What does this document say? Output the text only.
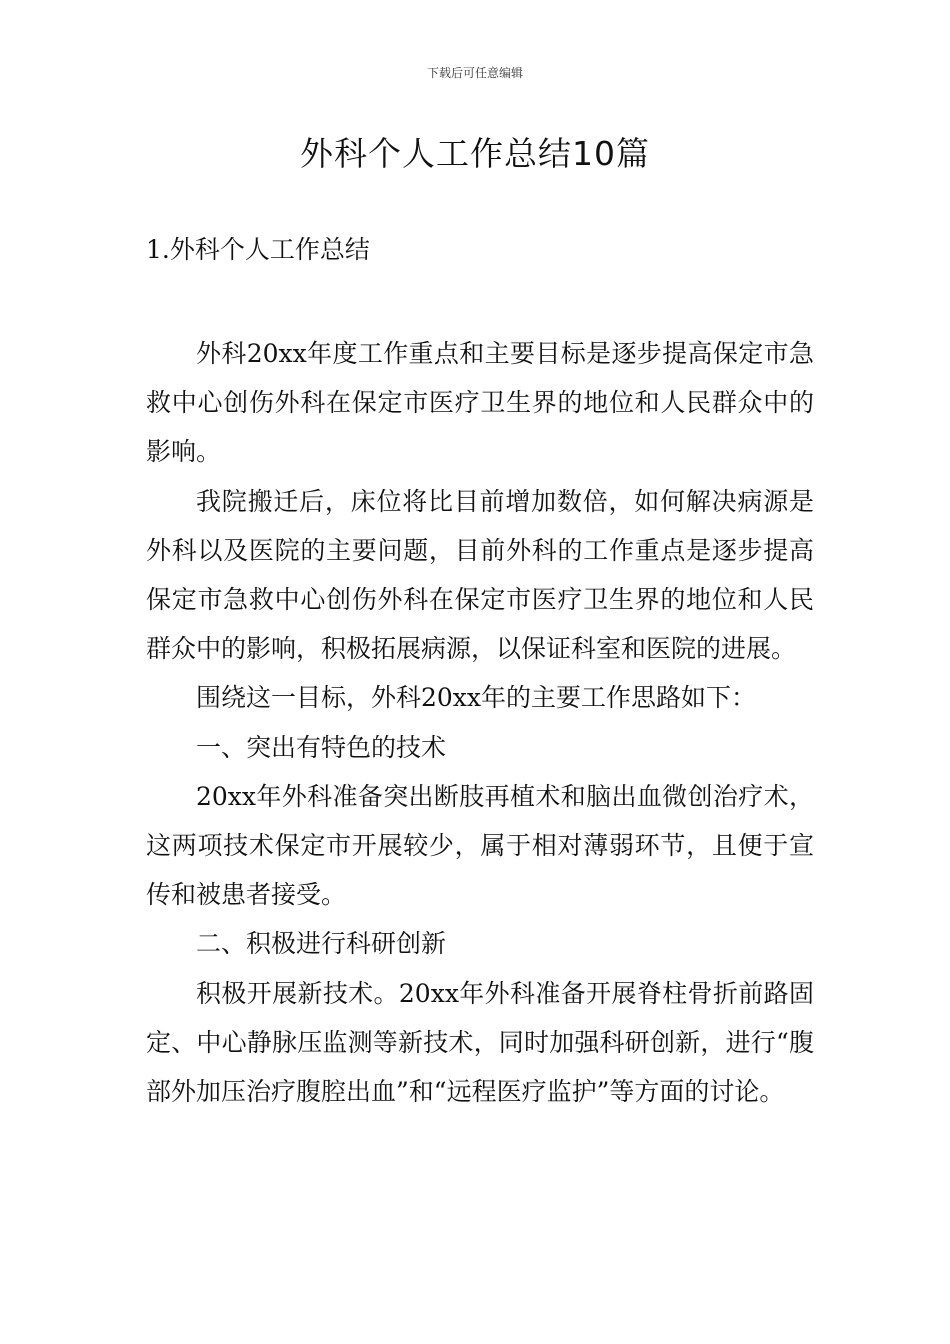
下载后可任意编辑
外科个人工作总结10篇
1.外科个人工作总结

外科20xx年度工作重点和主要目标是逐步提高保定市急救中心创伤外科在保定市医疗卫生界的地位和人民群众中的影响。

我院搬迁后，床位将比目前增加数倍，如何解决病源是外科以及医院的主要问题，目前外科的工作重点是逐步提高保定市急救中心创伤外科在保定市医疗卫生界的地位和人民群众中的影响，积极拓展病源，以保证科室和医院的进展。

围绕这一目标，外科20xx年的主要工作思路如下：

一、突出有特色的技术

20xx年外科准备突出断肢再植术和脑出血微创治疗术，这两项技术保定市开展较少，属于相对薄弱环节，且便于宣传和被患者接受。

二、积极进行科研创新

积极开展新技术。20xx年外科准备开展脊柱骨折前路固定、中心静脉压监测等新技术，同时加强科研创新，进行“腹部外加压治疗腹腔出血”和“远程医疗监护”等方面的讨论。
